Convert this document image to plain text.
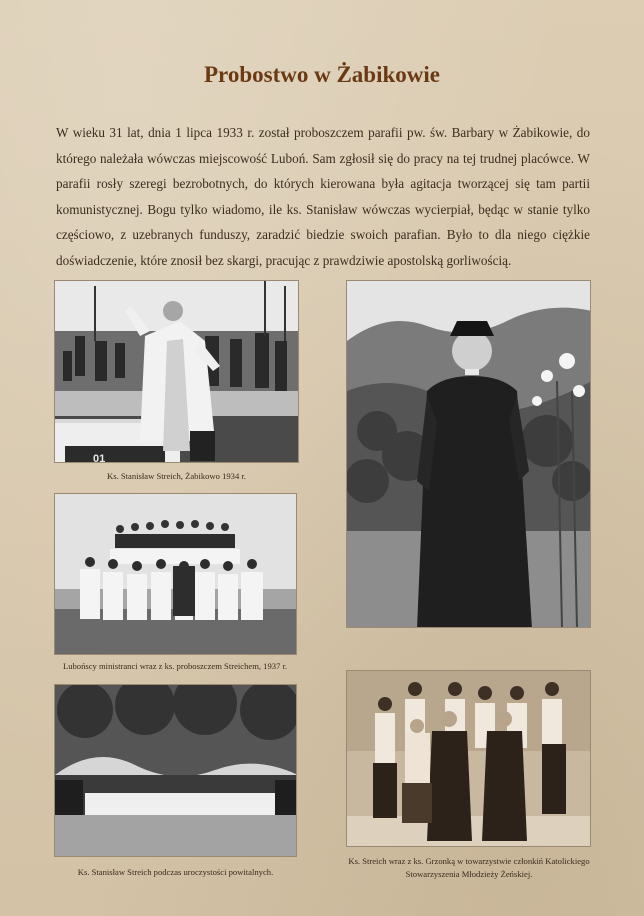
Probostwo w Żabikowie
W wieku 31 lat, dnia 1 lipca 1933 r. został proboszczem parafii pw. św. Barbary w Żabikowie, do którego należała wówczas miejscowość Luboń. Sam zgłosił się do pracy na tej trudnej placówce. W parafii rosły szeregi bezrobotnych, do których kierowana była agitacja tworzącej się tam partii komunistycznej. Bogu tylko wiadomo, ile ks. Stanisław wówczas wycierpiał, będąc w stanie tylko częściowo, z uzebranych funduszy, zaradzić biedzie swoich parafian. Było to dla niego ciężkie doświadczenie, które znosił bez skargi, pracując z prawdziwie apostolską gorliwością.
01
Ks. Stanisław Streich, Żabikowo 1934 r.
Lubońscy ministranci wraz z ks. proboszczem Streichem, 1937 r.
Ks. Stanisław Streich podczas uroczystości powitalnych.
Ks. Streich wraz z ks. Grzonką w towarzystwie członkiń Katolickiego Stowarzyszenia Młodzieży Żeńskiej.
